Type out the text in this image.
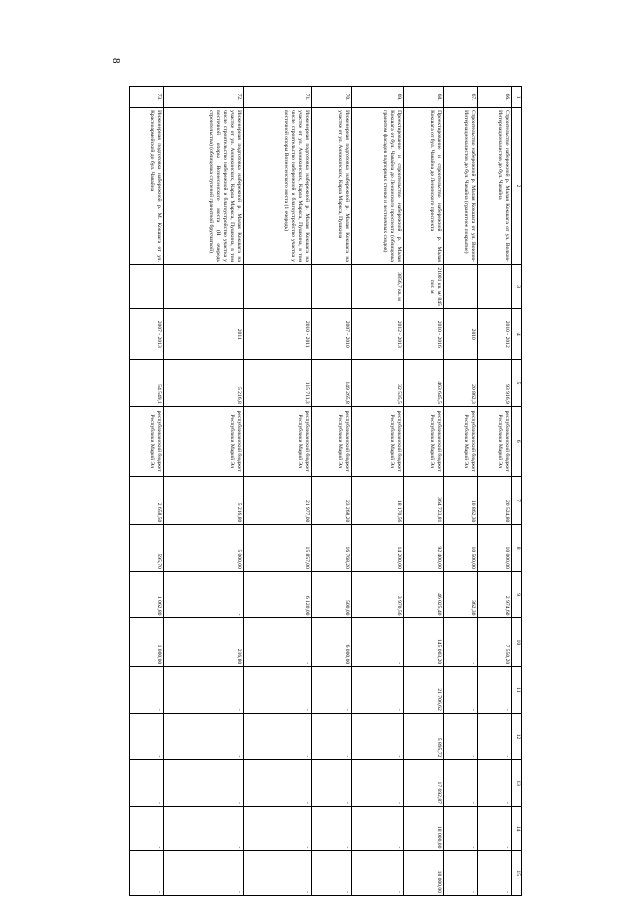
8
1	2	3	4	5	6	7	8	9	10	11	12	13	14	15
66.	Строительство набережной р. Малая Кокшага от ул. Волков- Интернационалистов до бул. Чавайна		2010 - 2012	93 916,9	республиканский бюджет Республики Марий Эл	20 524,80	10 000,00	2 974,60	7 550,20	-	-	-	-	-
67.	Строительство набережной р. Малая Кокшага от ул. Воинов- Интернационалистов до бул. Чавайна (гранитное покрытие)		2010	20 862,3	республиканский бюджет Республики Марий Эл	10 862,30	10 500,00	362,30	-	-	-	-	-	-
68.	Проектирование и строительство набережной р. Малая Кокшага от бул. Чавайна до Ленинского проспекта	21001 кв. м/ 845 пог. м	2010 - 2016	463 645,5	республиканский бюджет Республики Марий Эл	364 723,81	92 400,00	46 025,40	145 003,20	21 706,62	5 895,72	17 692,87	18 000,00	18 000,00
69.	Проектирование и строительство набережной р. Малая Кокшага от бул. Чавайна до Ленинского проспекта (облицовка гранитом фасадов подпорных стенки и лестничных сходов)	3856,7 кв. м	2012 - 2013	32 535,5	республиканский бюджет Республики Марий Эл	18 170,56	14 200,00	3 970,56	-	-	-	-	-	-
70.	Инженерная подготовка набережной р. Малая Кокшага на участке от ул. Анникинских, Карла Маркса, Пушкина		2007 - 2010	149 265,8	республиканский бюджет Республики Марий Эл	23 268,20	16 768,20	500,00	6 000,00	-	-	-	-	-
71.	Инженерная подготовка набережной р. Малая Кокшага на участке от ул. Анникинских, Карла Маркса, Пушкина, в том числе строительство набережной и благоустройство участка у восточной опоры Вознесенского моста (1 очередь)		2010 - 2011	115 711,3	республиканский бюджет Республики Марий Эл	21 977,00	15 857,00	6 120,00	-	-	-	-	-	-
72.	Инженерная подготовка набережной р. Малая Кокшага на участке от ул. Анникинских, Карла Маркса, Пушкина, в том числе строительство набережной и благоустройство участка у восточной опоры Вознесенского моста (II очередь строительства) (облицовка ступеней гранитной брусчаткой)		2011	5 216,8	республиканский бюджет Республики Марий Эл	5 216,80	5 000,00	-	216,80	-	-	-	-	-
73.	Инженерная подготовка набережной р. М. Кокшага от ул. Красноармейской до бул. Чавайна		2007 - 2013	54 549,1	республиканский бюджет Республики Марий Эл	2 658,50	595,70	1 062,80	1 000,00	-	-	-	-	-
